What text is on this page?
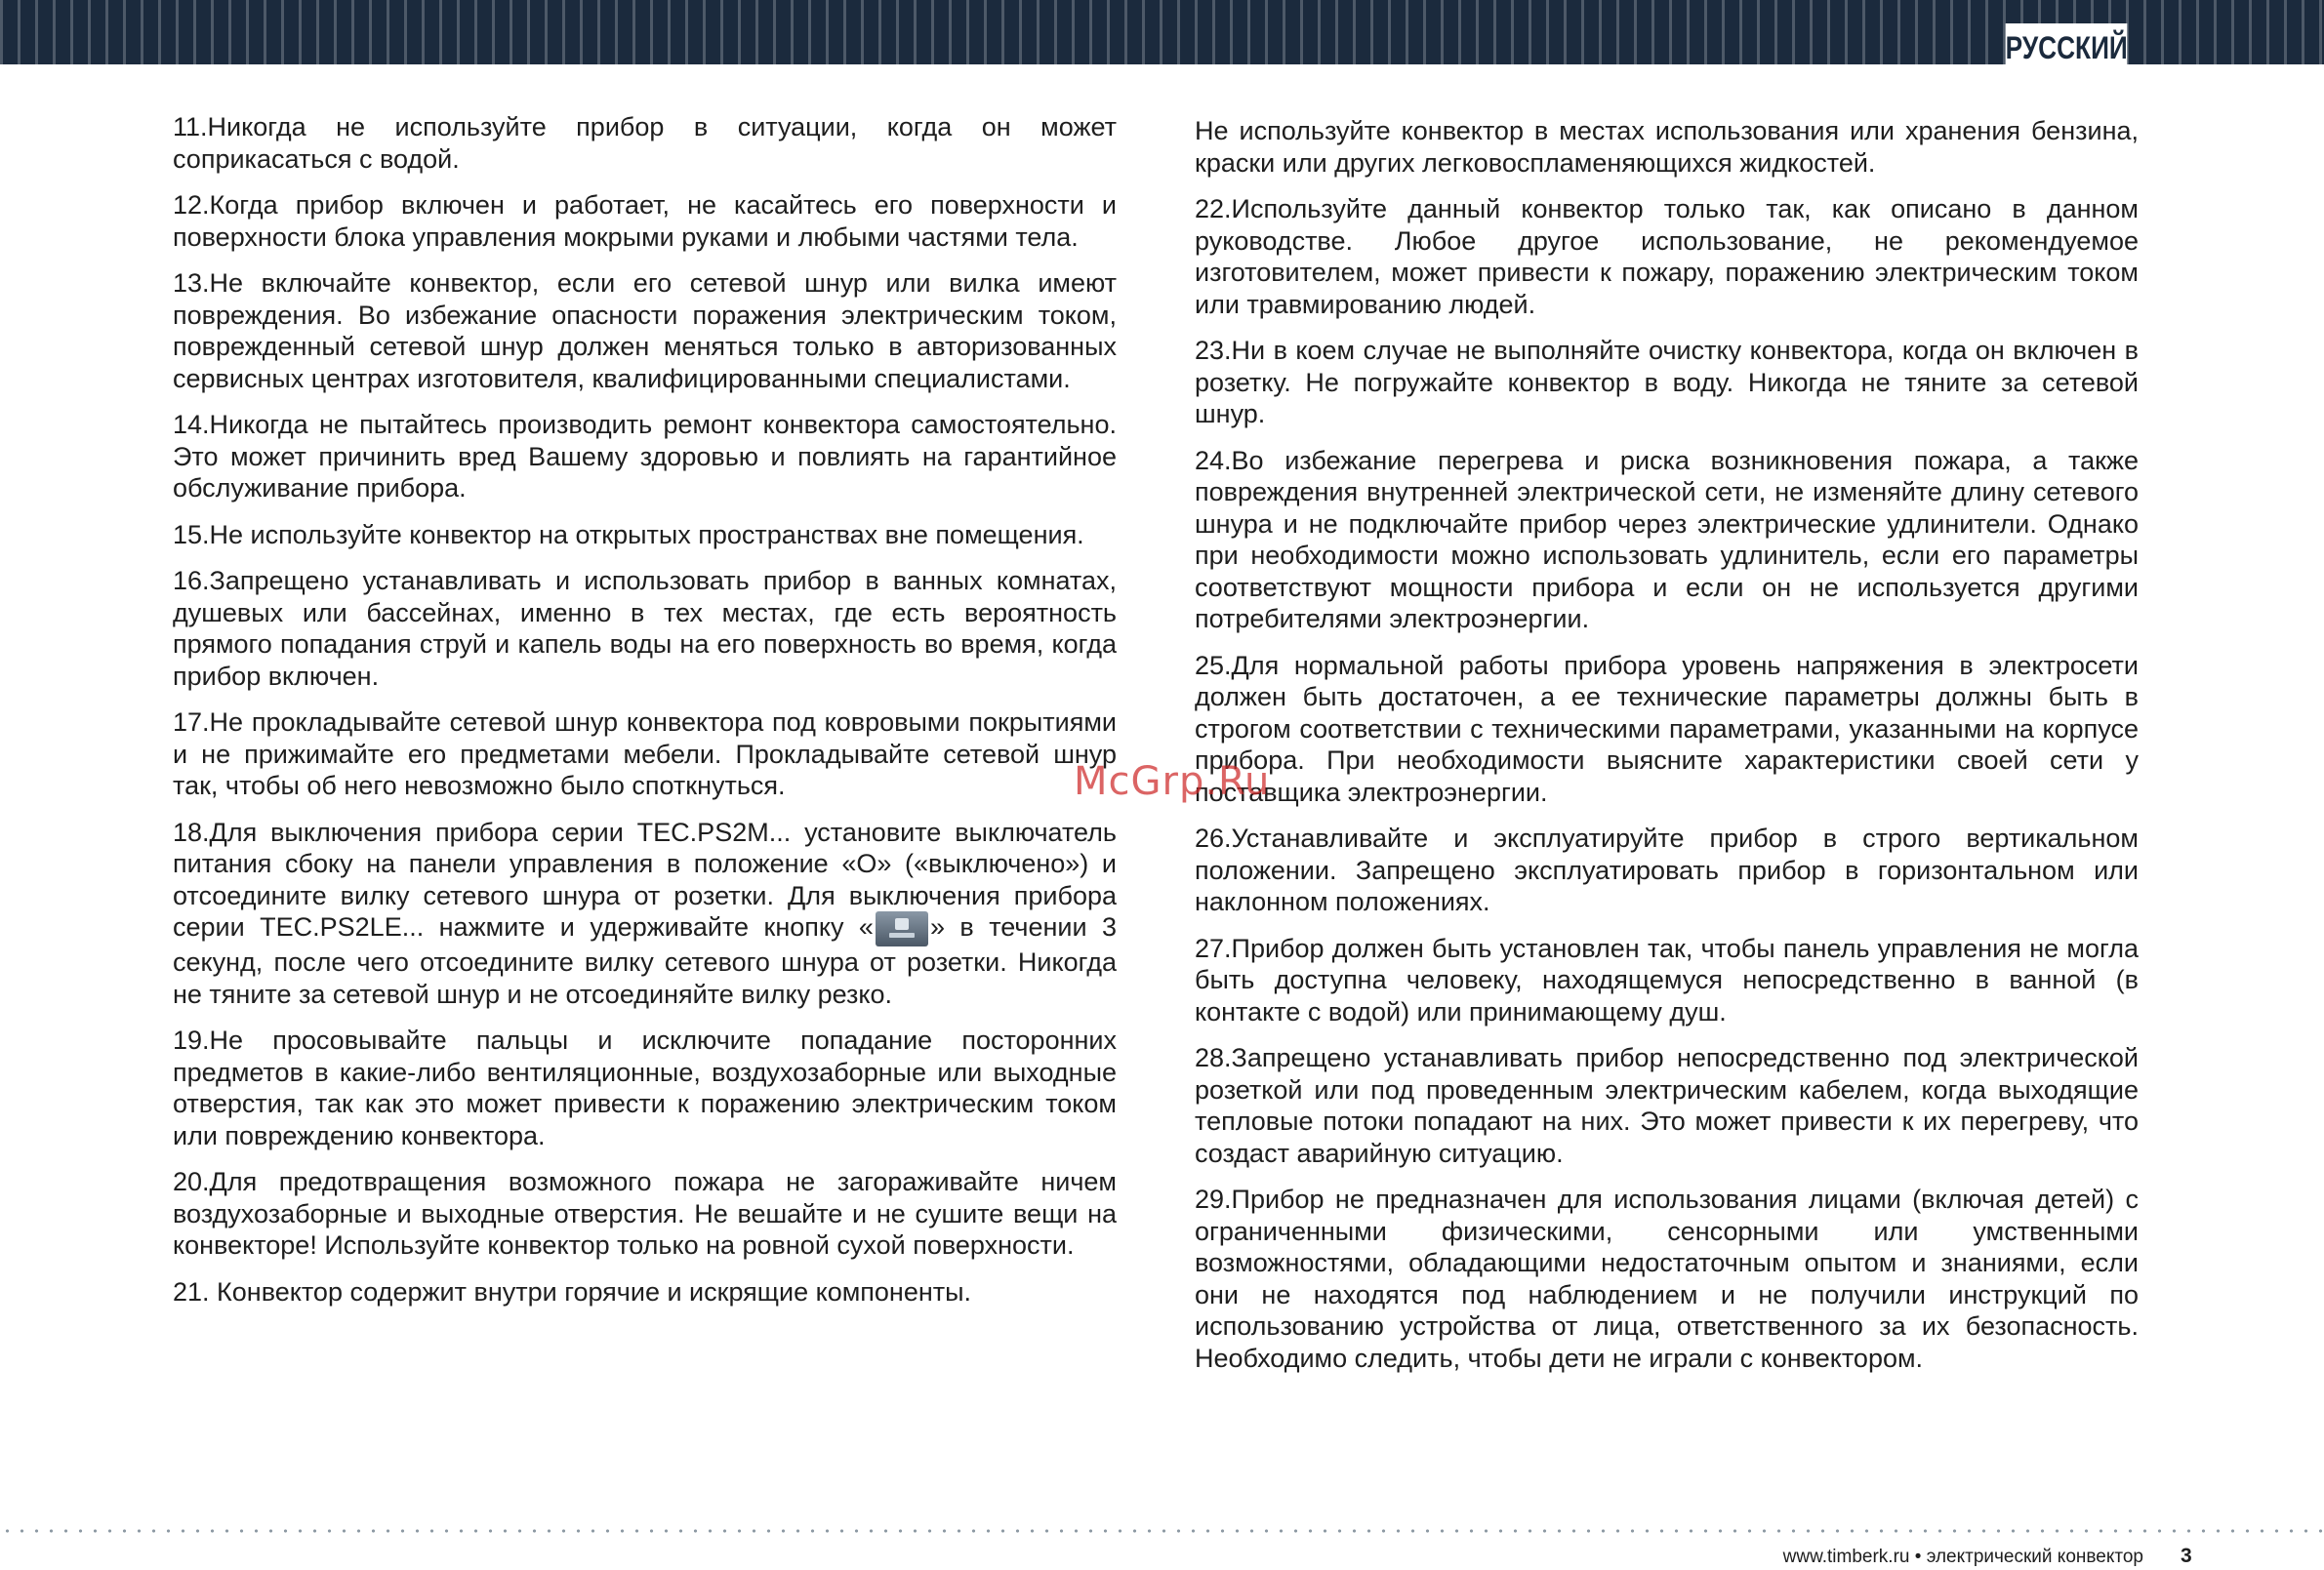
РУССКИЙ

11.Никогда не используйте прибор в ситуации, когда он может соприкасаться с водой.

12.Когда прибор включен и работает, не касайтесь его поверхности и поверхности блока управления мокрыми руками и любыми частями тела.

13.Не включайте конвектор, если его сетевой шнур или вилка имеют повреждения. Во избежание опасности поражения электрическим током, поврежденный сетевой шнур должен меняться только в авторизованных сервисных центрах изготовителя, квалифицированными специалистами.

14.Никогда не пытайтесь производить ремонт конвектора самостоятельно. Это может причинить вред Вашему здоровью и повлиять на гарантийное обслуживание прибора.

15.Не используйте конвектор на открытых пространствах вне помещения.

16.Запрещено устанавливать и использовать прибор в ванных комнатах, душевых или бассейнах, именно в тех местах, где есть вероятность прямого попадания струй и капель воды на его поверхность во время, когда прибор включен.

17.Не прокладывайте сетевой шнур конвектора под ковровыми покрытиями и не прижимайте его предметами мебели. Прокладывайте сетевой шнур так, чтобы об него невозможно было споткнуться.

18.Для выключения прибора серии TEC.PS2M... установите выключатель питания сбоку на панели управления в положение «O» («выключено») и отсоедините вилку сетевого шнура от розетки. Для выключения прибора серии TEC.PS2LE... нажмите и удерживайте кнопку « » в течении 3 секунд, после чего отсоедините вилку сетевого шнура от розетки. Никогда не тяните за сетевой шнур и не отсоединяйте вилку резко.

19.Не просовывайте пальцы и исключите попадание посторонних предметов в какие-либо вентиляционные, воздухозаборные или выходные отверстия, так как это может привести к поражению электрическим током или повреждению конвектора.

20.Для предотвращения возможного пожара не загораживайте ничем воздухозаборные и выходные отверстия. Не вешайте и не сушите вещи на конвекторе! Используйте конвектор только на ровной сухой поверхности.

21. Конвектор содержит внутри горячие и искрящие компоненты.

Не используйте конвектор в местах использования или хранения бензина, краски или других легковоспламеняющихся жидкостей.

22.Используйте данный конвектор только так, как описано в данном руководстве. Любое другое использование, не рекомендуемое изготовителем, может привести к пожару, поражению электрическим током или травмированию людей.

23.Ни в коем случае не выполняйте очистку конвектора, когда он включен в розетку. Не погружайте конвектор в воду. Никогда не тяните за сетевой шнур.

24.Во избежание перегрева и риска возникновения пожара, а также повреждения внутренней электрической сети, не изменяйте длину сетевого шнура и не подключайте прибор через электрические удлинители. Однако при необходимости можно использовать удлинитель, если его параметры соответствуют мощности прибора и если он не используется другими потребителями электроэнергии.

25.Для нормальной работы прибора уровень напряжения в электросети должен быть достаточен, а ее технические параметры должны быть в строгом соответствии с техническими параметрами, указанными на корпусе прибора. При необходимости выясните характеристики своей сети у поставщика электроэнергии.

26.Устанавливайте и эксплуатируйте прибор в строго вертикальном положении. Запрещено эксплуатировать прибор в горизонтальном или наклонном положениях.

27.Прибор должен быть установлен так, чтобы панель управления не могла быть доступна человеку, находящемуся непосредственно в ванной (в контакте с водой) или принимающему душ.

28.Запрещено устанавливать прибор непосредственно под электрической розеткой или под проведенным электрическим кабелем, когда выходящие тепловые потоки попадают на них. Это может привести к их перегреву, что создаст аварийную ситуацию.

29.Прибор не предназначен для использования лицами (включая детей) с ограниченными физическими, сенсорными или умственными возможностями, обладающими недостаточным опытом и знаниями, если они не находятся под наблюдением и не получили инструкций по использованию устройства от лица, ответственного за их безопасность. Необходимо следить, чтобы дети не играли с конвектором.

McGrp.Ru
www.timberk.ru • электрический конвектор 3
